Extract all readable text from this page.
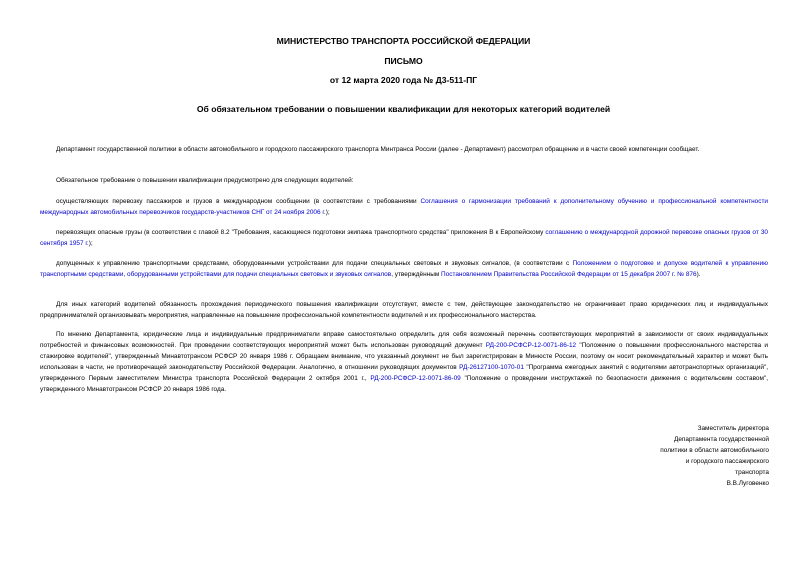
МИНИСТЕРСТВО ТРАНСПОРТА РОССИЙСКОЙ ФЕДЕРАЦИИ
ПИСЬМО
от 12 марта 2020 года № Д3-511-ПГ
Об обязательном требовании о повышении квалификации для некоторых категорий водителей

Департамент государственной политики в области автомобильного и городского пассажирского транспорта Минтранса России (далее - Департамент) рассмотрел обращение и в части своей компетенции сообщает.

Обязательное требование о повышении квалификации предусмотрено для следующих водителей:

осуществляющих перевозку пассажиров и грузов в международном сообщении (в соответствии с требованиями Соглашения о гармонизации требований к дополнительному обучению и профессиональной компетентности международных автомобильных перевозчиков государств-участников СНГ от 24 ноября 2006 г.);

перевозящих опасные грузы (в соответствии с главой 8.2 "Требования, касающиеся подготовки экипажа транспортного средства" приложения В к Европейскому соглашению о международной дорожной перевозке опасных грузов от 30 сентября 1957 г.);

допущенных к управлению транспортными средствами, оборудованными устройствами для подачи специальных световых и звуковых сигналов, (в соответствии с Положением о подготовке и допуске водителей к управлению транспортными средствами, оборудованными устройствами для подачи специальных световых и звуковых сигналов, утверждённым Постановлением Правительства Российской Федерации от 15 декабря 2007 г. № 876).

Для иных категорий водителей обязанность прохождения периодического повышения квалификации отсутствует, вместе с тем, действующее законодательство не ограничивает право юридических лиц и индивидуальных предпринимателей организовывать мероприятия, направленные на повышение профессиональной компетентности водителей и их профессионального мастерства.

По мнению Департамента, юридические лица и индивидуальные предприниматели вправе самостоятельно определить для себя возможный перечень соответствующих мероприятий в зависимости от своих индивидуальных потребностей и финансовых возможностей. При проведении соответствующих мероприятий может быть использован руководящий документ РД-200-РСФСР-12-0071-86-12 "Положение о повышении профессионального мастерства и стажировке водителей", утвержденный Минавтотрансом РСФСР 20 января 1986 г. Обращаем внимание, что указанный документ не был зарегистрирован в Минюсте России, поэтому он носит рекомендательный характер и может быть использован в части, не противоречащей законодательству Российской Федерации. Аналогично, в отношении руководящих документов РД-26127100-1070-01 "Программа ежегодных занятий с водителями автотранспортных организаций", утвержденного Первым заместителем Министра транспорта Российской Федерации 2 октября 2001 г., РД-200-РСФСР-12-0071-86-09 "Положение о проведении инструктажей по безопасности движения с водительским составом", утвержденного Минавтотрансом РСФСР 20 января 1986 года.

Заместитель директора
Департамента государственной
политики в области автомобильного
и городского пассажирского
транспорта
В.В.Луговенко
